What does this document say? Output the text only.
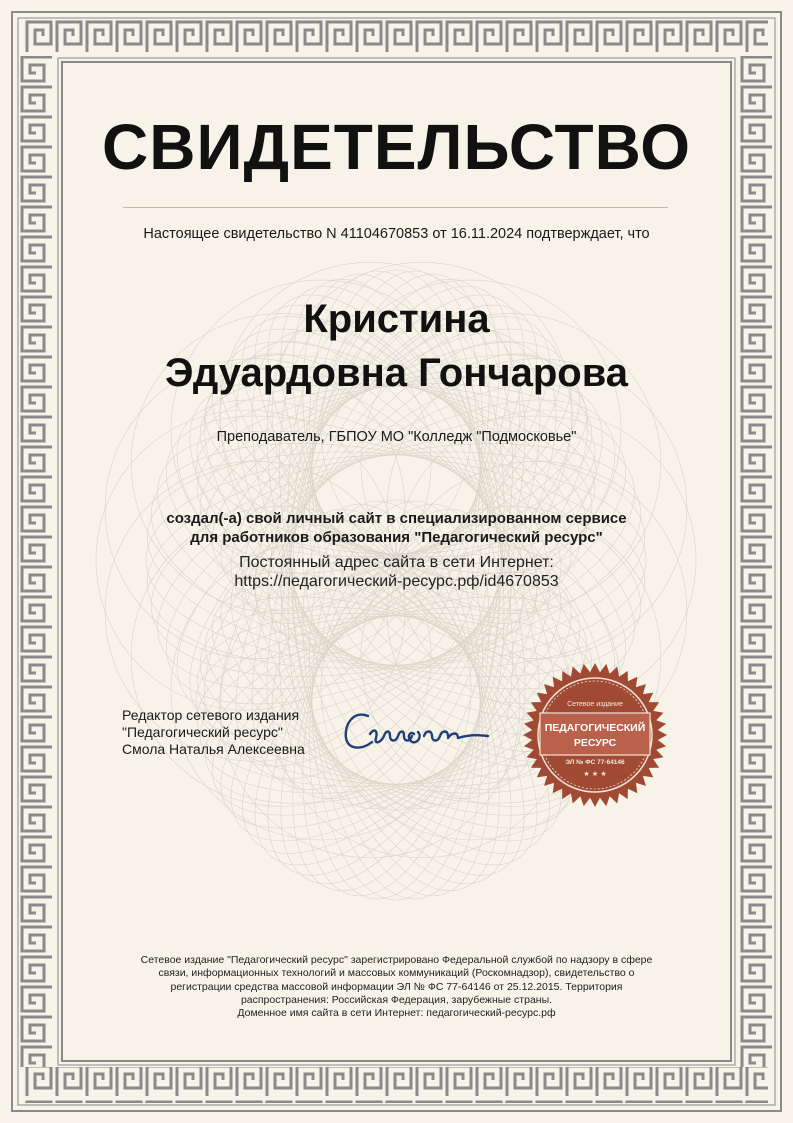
СВИДЕТЕЛЬСТВО
Настоящее свидетельство N 41104670853 от 16.11.2024 подтверждает, что
Кристина
Эдуардовна Гончарова
Преподаватель, ГБПОУ МО "Колледж "Подмосковье"
создал(-а) свой личный сайт в специализированном сервисе
для работников образования "Педагогический ресурс"
Постоянный адрес сайта в сети Интернет:
https://педагогический-ресурс.рф/id4670853
Редактор сетевого издания
"Педагогический ресурс"
Смола Наталья Алексеевна
Сетевое издание
ПЕДАГОГИЧЕСКИЙ
РЕСУРС
ЭЛ № ФС 77-64146
★ ★ ★
Сетевое издание "Педагогический ресурс" зарегистрировано Федеральной службой по надзору в сфере
связи, информационных технологий и массовых коммуникаций (Роскомнадзор), свидетельство о
регистрации средства массовой информации ЭЛ № ФС 77-64146 от 25.12.2015. Территория
распространения: Российская Федерация, зарубежные страны.
Доменное имя сайта в сети Интернет: педагогический-ресурс.рф
